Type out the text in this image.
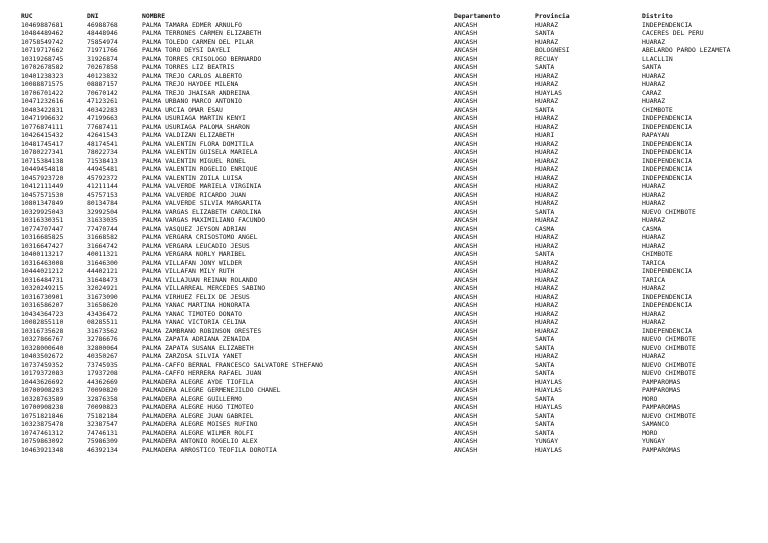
RUC	DNI	NOMBRE	Departamento	Provincia	Distrito
10469887681	46988768	PALMA TAMARA EDMER ARNULFO	ANCASH	HUARAZ	INDEPENDENCIA
10484489462	48448946	PALMA TERRONES CARMEN ELIZABETH	ANCASH	SANTA	CACERES DEL PERU
10758549742	75854974	PALMA TOLEDO CARMEN DEL PILAR	ANCASH	HUARAZ	HUARAZ
10719717662	71971766	PALMA TORO DEYSI DAYELI	ANCASH	BOLOGNESI	ABELARDO PARDO LEZAMETA
10319268745	31926874	PALMA TORRES CRISOLOGO BERNARDO	ANCASH	RECUAY	LLACLLIN
10702678582	70267858	PALMA TORRES LIZ BEATRIS	ANCASH	SANTA	SANTA
10401238323	40123832	PALMA TREJO CARLOS ALBERTO	ANCASH	HUARAZ	HUARAZ
10088871575	08887157	PALMA TREJO HAYDEE MILENA	ANCASH	HUARAZ	HUARAZ
10706701422	70670142	PALMA TREJO JHAISAR ANDREINA	ANCASH	HUAYLAS	CARAZ
10471232616	47123261	PALMA URBANO MARCO ANTONIO	ANCASH	HUARAZ	HUARAZ
10403422831	40342283	PALMA URCIA OMAR ESAU	ANCASH	SANTA	CHIMBOTE
10471996632	47199663	PALMA USURIAGA MARTIN KENYI	ANCASH	HUARAZ	INDEPENDENCIA
10776874111	77687411	PALMA USURIAGA PALOMA SHARON	ANCASH	HUARAZ	INDEPENDENCIA
10426415432	42641543	PALMA VALDIZAN ELIZABETH	ANCASH	HUARI	RAPAYAN
10481745417	48174541	PALMA VALENTIN FLORA DOMITILA	ANCASH	HUARAZ	INDEPENDENCIA
10780227341	78022734	PALMA VALENTIN GUISELA MARIELA	ANCASH	HUARAZ	INDEPENDENCIA
10715384138	71538413	PALMA VALENTIN MIGUEL RONEL	ANCASH	HUARAZ	INDEPENDENCIA
10449454818	44945481	PALMA VALENTIN ROGELIO ENRIQUE	ANCASH	HUARAZ	INDEPENDENCIA
10457923720	45792372	PALMA VALENTIN ZOILA LUISA	ANCASH	HUARAZ	INDEPENDENCIA
10412111449	41211144	PALMA VALVERDE MARIELA VIRGINIA	ANCASH	HUARAZ	HUARAZ
10457571530	45757153	PALMA VALVERDE RICARDO JUAN	ANCASH	HUARAZ	HUARAZ
10801347849	80134784	PALMA VALVERDE SILVIA MARGARITA	ANCASH	HUARAZ	HUARAZ
10329925043	32992504	PALMA VARGAS ELIZABETH CAROLINA	ANCASH	SANTA	NUEVO CHIMBOTE
10316330351	31633035	PALMA VARGAS MAXIMILIANO FACUNDO	ANCASH	HUARAZ	HUARAZ
10774707447	77470744	PALMA VASQUEZ JEYSON ADRIAN	ANCASH	CASMA	CASMA
10316685825	31668582	PALMA VERGARA CRISOSTOMO ANGEL	ANCASH	HUARAZ	HUARAZ
10316647427	31664742	PALMA VERGARA LEUCADIO JESUS	ANCASH	HUARAZ	HUARAZ
10400113217	40011321	PALMA VERGARA NORLY MARIBEL	ANCASH	SANTA	CHIMBOTE
10316463008	31646300	PALMA VILLAFAN JONY WILDER	ANCASH	HUARAZ	TARICA
10444021212	44402121	PALMA VILLAFAN MILY RUTH	ANCASH	HUARAZ	INDEPENDENCIA
10316484731	31648473	PALMA VILLAJUAN REINAN ROLANDO	ANCASH	HUARAZ	TARICA
10320249215	32024921	PALMA VILLARREAL MERCEDES SABINO	ANCASH	HUARAZ	HUARAZ
10316730901	31673090	PALMA VIRHUEZ FELIX DE JESUS	ANCASH	HUARAZ	INDEPENDENCIA
10316586207	31658620	PALMA YANAC MARTINA HONORATA	ANCASH	HUARAZ	INDEPENDENCIA
10434364723	43436472	PALMA YANAC TIMOTEO DONATO	ANCASH	HUARAZ	HUARAZ
10082855110	08285511	PALMA YANAC VICTORIA CELINA	ANCASH	HUARAZ	HUARAZ
10316735628	31673562	PALMA ZAMBRANO ROBINSON ORESTES	ANCASH	HUARAZ	INDEPENDENCIA
10327866767	32786676	PALMA ZAPATA ADRIANA ZENAIDA	ANCASH	SANTA	NUEVO CHIMBOTE
10328000640	32800064	PALMA ZAPATA SUSANA ELIZABETH	ANCASH	SANTA	NUEVO CHIMBOTE
10403502672	40350267	PALMA ZARZOSA SILVIA YANET	ANCASH	HUARAZ	HUARAZ
10737459352	73745935	PALMA-CAFFO BERNAL FRANCESCO SALVATORE STHEFANO	ANCASH	SANTA	NUEVO CHIMBOTE
10179372083	17937208	PALMA-CAFFO HERRERA RAFAEL JUAN	ANCASH	SANTA	NUEVO CHIMBOTE
10443626692	44362669	PALMADERA ALEGRE AYDE TIOFILA	ANCASH	HUAYLAS	PAMPAROMAS
10700908203	70090820	PALMADERA ALEGRE GERMENEJILDO CHANEL	ANCASH	HUAYLAS	PAMPAROMAS
10328763589	32876358	PALMADERA ALEGRE GUILLERMO	ANCASH	SANTA	MORO
10700908238	70090823	PALMADERA ALEGRE HUGO TIMOTEO	ANCASH	HUAYLAS	PAMPAROMAS
10751821846	75182184	PALMADERA ALEGRE JUAN GABRIEL	ANCASH	SANTA	NUEVO CHIMBOTE
10323875478	32387547	PALMADERA ALEGRE MOISES RUFINO	ANCASH	SANTA	SAMANCO
10747461312	74746131	PALMADERA ALEGRE WILMER ROLFI	ANCASH	SANTA	MORO
10759863092	75986309	PALMADERA ANTONIO ROGELIO ALEX	ANCASH	YUNGAY	YUNGAY
10463921348	46392134	PALMADERA ARROSTICO TEOFILA DOROTIA	ANCASH	HUAYLAS	PAMPAROMAS
